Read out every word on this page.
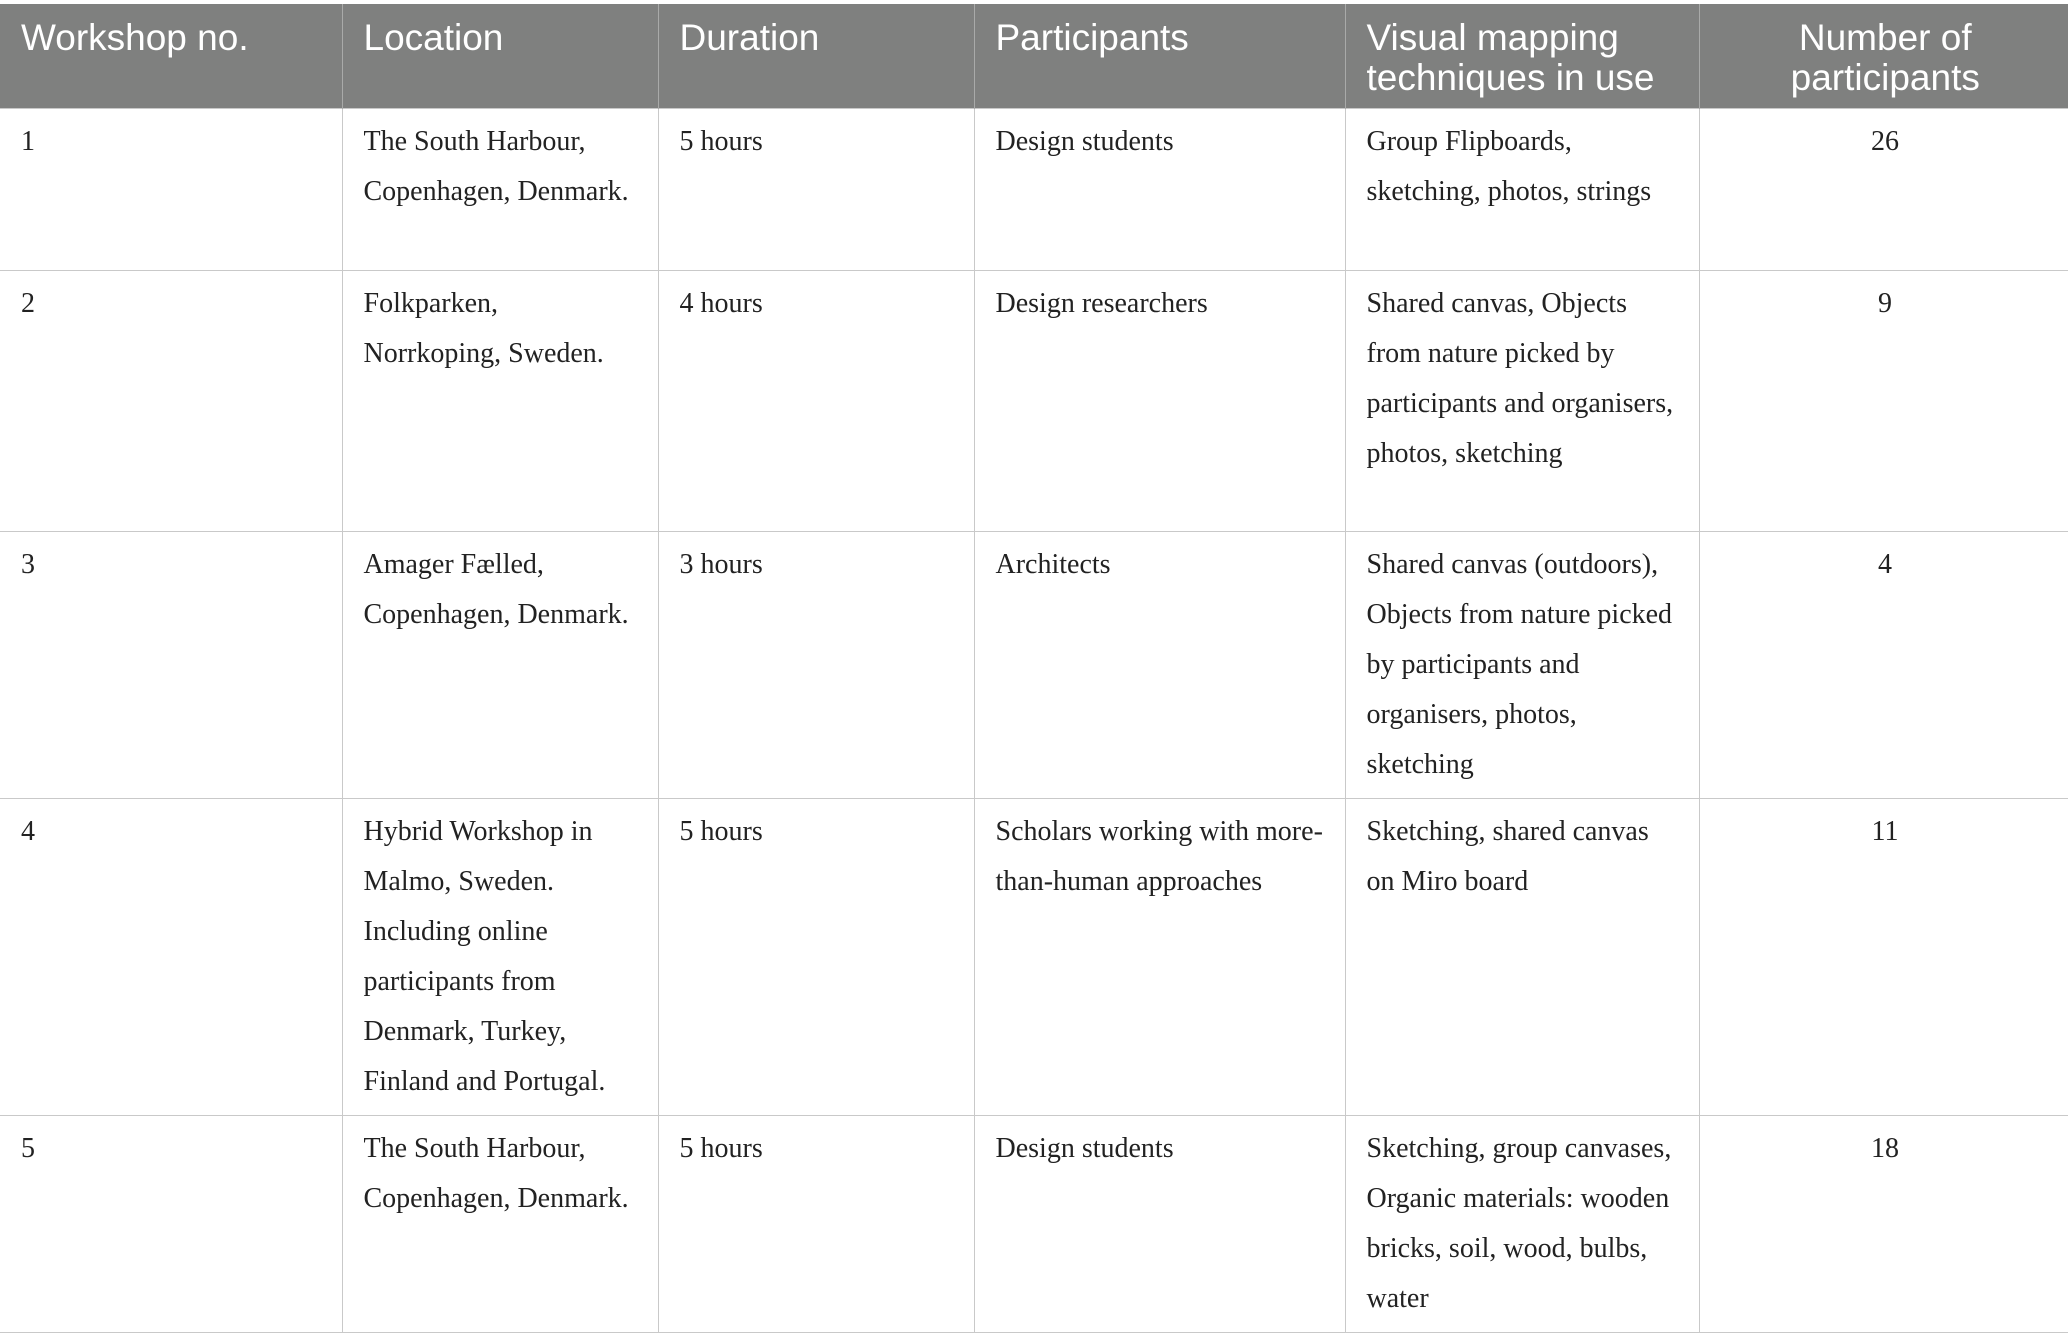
Workshop no.	Location	Duration	Participants	Visual mapping techniques in use	Number of participants
1	The South Harbour, Copenhagen, Denmark.	5 hours	Design students	Group Flipboards, sketching, photos, strings	26
2	Folkparken, Norrkoping, Sweden.	4 hours	Design researchers	Shared canvas, Objects from nature picked by participants and organisers, photos, sketching	9
3	Amager Fælled, Copenhagen, Denmark.	3 hours	Architects	Shared canvas (outdoors), Objects from nature picked by participants and organisers, photos, sketching	4
4	Hybrid Workshop in Malmo, Sweden. Including online participants from Denmark, Turkey, Finland and Portugal.	5 hours	Scholars working with more-than-human approaches	Sketching, shared canvas on Miro board	11
5	The South Harbour, Copenhagen, Denmark.	5 hours	Design students	Sketching, group canvases, Organic materials: wooden bricks, soil, wood, bulbs, water	18
